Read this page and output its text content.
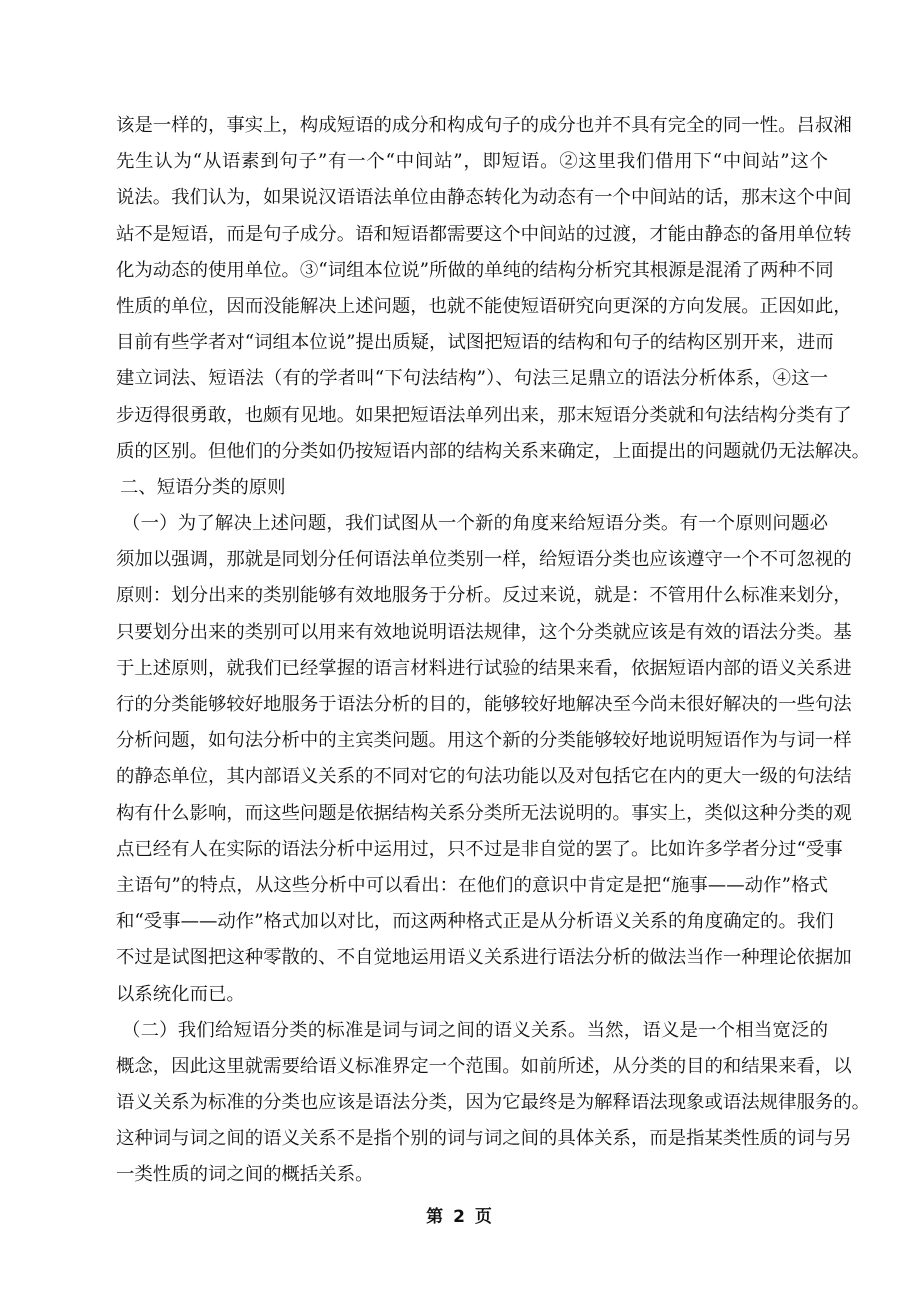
该是一样的，事实上，构成短语的成分和构成句子的成分也并不具有完全的同一性。吕叔湘
先生认为“从语素到句子”有一个“中间站”，即短语。②这里我们借用下“中间站”这个
说法。我们认为，如果说汉语语法单位由静态转化为动态有一个中间站的话，那末这个中间
站不是短语，而是句子成分。语和短语都需要这个中间站的过渡，才能由静态的备用单位转
化为动态的使用单位。③“词组本位说”所做的单纯的结构分析究其根源是混淆了两种不同
性质的单位，因而没能解决上述问题，也就不能使短语研究向更深的方向发展。正因如此，
目前有些学者对“词组本位说”提出质疑，试图把短语的结构和句子的结构区别开来，进而
建立词法、短语法（有的学者叫“下句法结构”）、句法三足鼎立的语法分析体系，④这一
步迈得很勇敢，也颇有见地。如果把短语法单列出来，那末短语分类就和句法结构分类有了
质的区别。但他们的分类如仍按短语内部的结构关系来确定，上面提出的问题就仍无法解决。
二、短语分类的原则
（一）为了解决上述问题，我们试图从一个新的角度来给短语分类。有一个原则问题必
须加以强调，那就是同划分任何语法单位类别一样，给短语分类也应该遵守一个不可忽视的
原则：划分出来的类别能够有效地服务于分析。反过来说，就是：不管用什么标准来划分，
只要划分出来的类别可以用来有效地说明语法规律，这个分类就应该是有效的语法分类。基
于上述原则，就我们已经掌握的语言材料进行试验的结果来看，依据短语内部的语义关系进
行的分类能够较好地服务于语法分析的目的，能够较好地解决至今尚未很好解决的一些句法
分析问题，如句法分析中的主宾类问题。用这个新的分类能够较好地说明短语作为与词一样
的静态单位，其内部语义关系的不同对它的句法功能以及对包括它在内的更大一级的句法结
构有什么影响，而这些问题是依据结构关系分类所无法说明的。事实上，类似这种分类的观
点已经有人在实际的语法分析中运用过，只不过是非自觉的罢了。比如许多学者分过“受事
主语句”的特点，从这些分析中可以看出：在他们的意识中肯定是把“施事——动作”格式
和“受事——动作”格式加以对比，而这两种格式正是从分析语义关系的角度确定的。我们
不过是试图把这种零散的、不自觉地运用语义关系进行语法分析的做法当作一种理论依据加
以系统化而已。
（二）我们给短语分类的标准是词与词之间的语义关系。当然，语义是一个相当宽泛的
概念，因此这里就需要给语义标准界定一个范围。如前所述，从分类的目的和结果来看，以
语义关系为标准的分类也应该是语法分类，因为它最终是为解释语法现象或语法规律服务的。
这种词与词之间的语义关系不是指个别的词与词之间的具体关系，而是指某类性质的词与另
一类性质的词之间的概括关系。
第 2 页
